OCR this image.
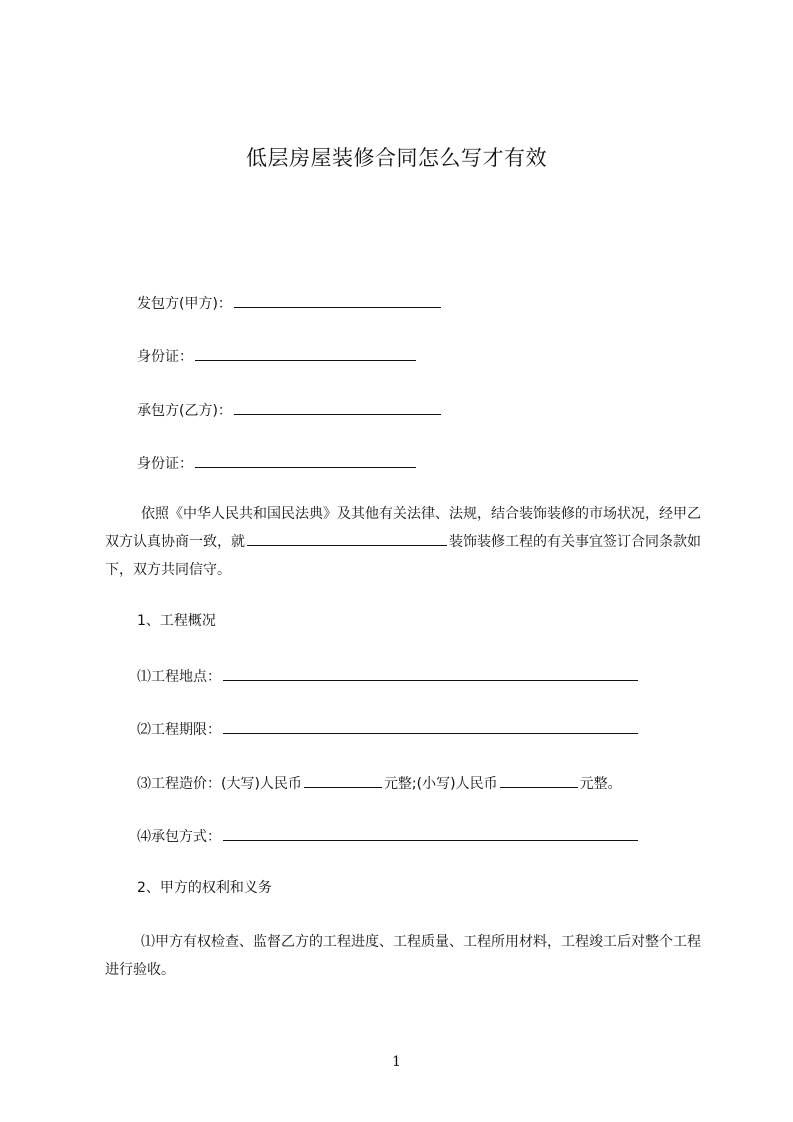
低层房屋装修合同怎么写才有效
发包方(甲方)：
身份证：
承包方(乙方)：
身份证：
依照《中华人民共和国民法典》及其他有关法律、法规，结合装饰装修的市场状况，经甲乙双方认真协商一致，就	装饰装修工程的有关事宜签订合同条款如下，双方共同信守。
1、工程概况
⑴工程地点：
⑵工程期限：
⑶工程造价：(大写)人民币	元整;(小写)人民币	元整。
⑷承包方式：
2、甲方的权利和义务
⑴甲方有权检查、监督乙方的工程进度、工程质量、工程所用材料，工程竣工后对整个工程进行验收。
1
